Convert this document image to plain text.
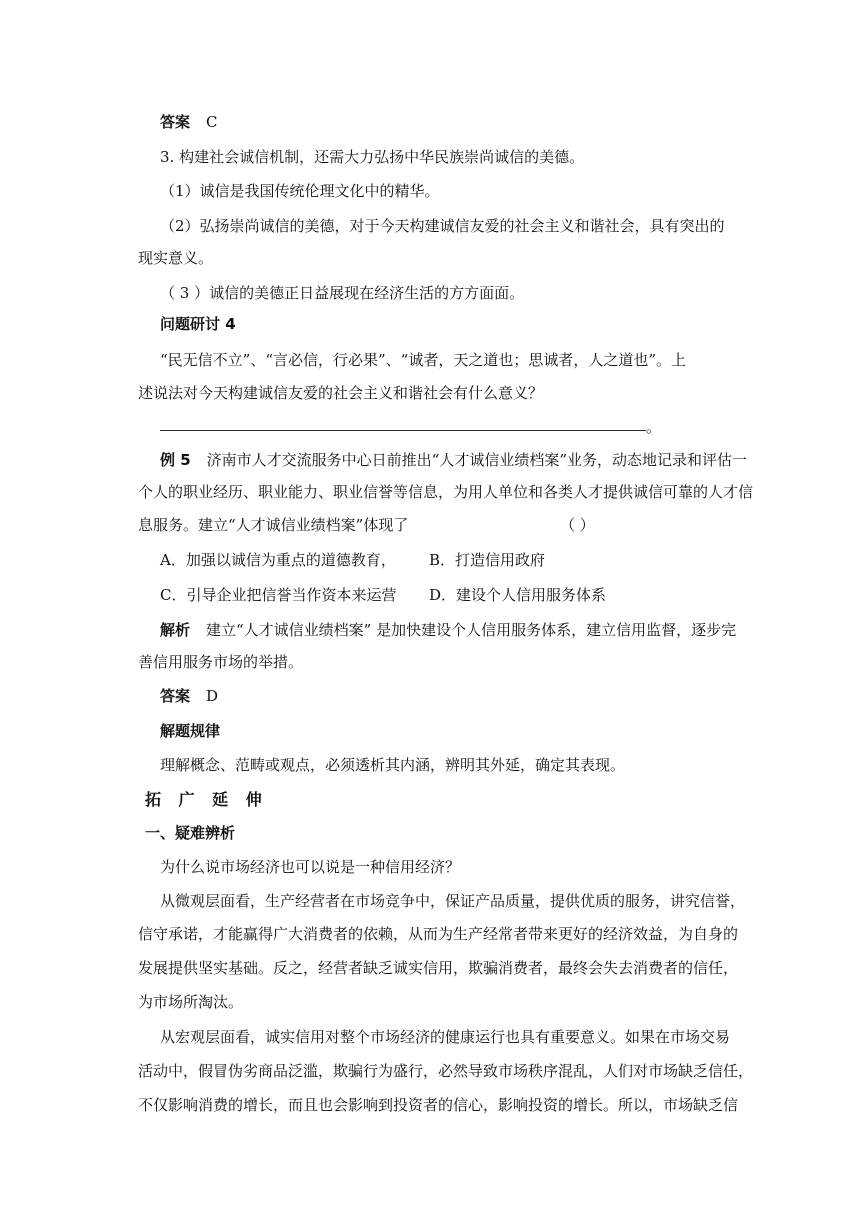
答案 C
3. 构建社会诚信机制，还需大力弘扬中华民族崇尚诚信的美德。
（1）诚信是我国传统伦理文化中的精华。
（2）弘扬崇尚诚信的美德，对于今天构建诚信友爱的社会主义和谐社会，具有突出的
现实意义。
（ 3 ）诚信的美德正日益展现在经济生活的方方面面。
问题研讨 4
“民无信不立”、“言必信，行必果”、“诚者，天之道也；思诚者，人之道也”。上
述说法对今天构建诚信友爱的社会主义和谐社会有什么意义？
。
例 5 济南市人才交流服务中心日前推出“人才诚信业绩档案”业务，动态地记录和评估一
个人的职业经历、职业能力、职业信誉等信息，为用人单位和各类人才提供诚信可靠的人才信
息服务。建立“人才诚信业绩档案”体现了	（ ）
A．加强以诚信为重点的道德教育， B．打造信用政府
C．引导企业把信誉当作资本来运营 D．建设个人信用服务体系
解析 建立“人才诚信业绩档案” 是加快建设个人信用服务体系，建立信用监督，逐步完
善信用服务市场的举措。
答案 D
解题规律
理解概念、范畴或观点，必须透析其内涵，辨明其外延，确定其表现。
拓 广 延 伸
一、疑难辨析
为什么说市场经济也可以说是一种信用经济？
从微观层面看，生产经营者在市场竞争中，保证产品质量，提供优质的服务，讲究信誉，
信守承诺，才能赢得广大消费者的依赖，从而为生产经常者带来更好的经济效益，为自身的
发展提供坚实基础。反之，经营者缺乏诚实信用，欺骗消费者，最终会失去消费者的信任，
为市场所淘汰。
从宏观层面看，诚实信用对整个市场经济的健康运行也具有重要意义。如果在市场交易
活动中，假冒伪劣商品泛滥，欺骗行为盛行，必然导致市场秩序混乱，人们对市场缺乏信任，
不仅影响消费的增长，而且也会影响到投资者的信心，影响投资的增长。所以，市场缺乏信
